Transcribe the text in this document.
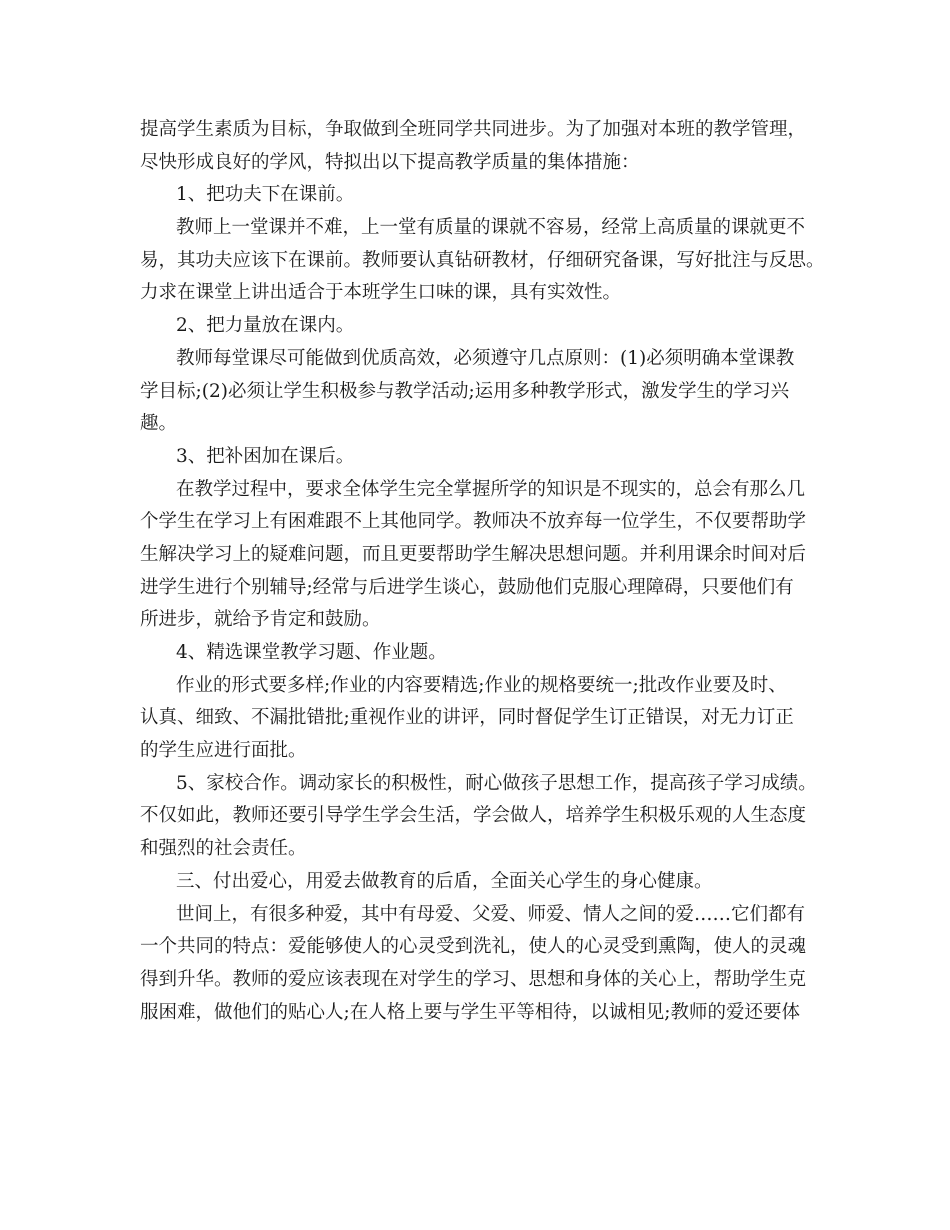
提高学生素质为目标，争取做到全班同学共同进步。为了加强对本班的教学管理，
尽快形成良好的学风，特拟出以下提高教学质量的集体措施：
1、把功夫下在课前。
教师上一堂课并不难，上一堂有质量的课就不容易，经常上高质量的课就更不
易，其功夫应该下在课前。教师要认真钻研教材，仔细研究备课，写好批注与反思。
力求在课堂上讲出适合于本班学生口味的课，具有实效性。
2、把力量放在课内。
教师每堂课尽可能做到优质高效，必须遵守几点原则：(1)必须明确本堂课教
学目标;(2)必须让学生积极参与教学活动;运用多种教学形式，激发学生的学习兴
趣。
3、把补困加在课后。
在教学过程中，要求全体学生完全掌握所学的知识是不现实的，总会有那么几
个学生在学习上有困难跟不上其他同学。教师决不放弃每一位学生，不仅要帮助学
生解决学习上的疑难问题，而且更要帮助学生解决思想问题。并利用课余时间对后
进学生进行个别辅导;经常与后进学生谈心，鼓励他们克服心理障碍，只要他们有
所进步，就给予肯定和鼓励。
4、精选课堂教学习题、作业题。
作业的形式要多样;作业的内容要精选;作业的规格要统一;批改作业要及时、
认真、细致、不漏批错批;重视作业的讲评，同时督促学生订正错误，对无力订正
的学生应进行面批。
5、家校合作。调动家长的积极性，耐心做孩子思想工作，提高孩子学习成绩。
不仅如此，教师还要引导学生学会生活，学会做人，培养学生积极乐观的人生态度
和强烈的社会责任。
三、付出爱心，用爱去做教育的后盾，全面关心学生的身心健康。
世间上，有很多种爱，其中有母爱、父爱、师爱、情人之间的爱……它们都有
一个共同的特点：爱能够使人的心灵受到洗礼，使人的心灵受到熏陶，使人的灵魂
得到升华。教师的爱应该表现在对学生的学习、思想和身体的关心上，帮助学生克
服困难，做他们的贴心人;在人格上要与学生平等相待，以诚相见;教师的爱还要体
